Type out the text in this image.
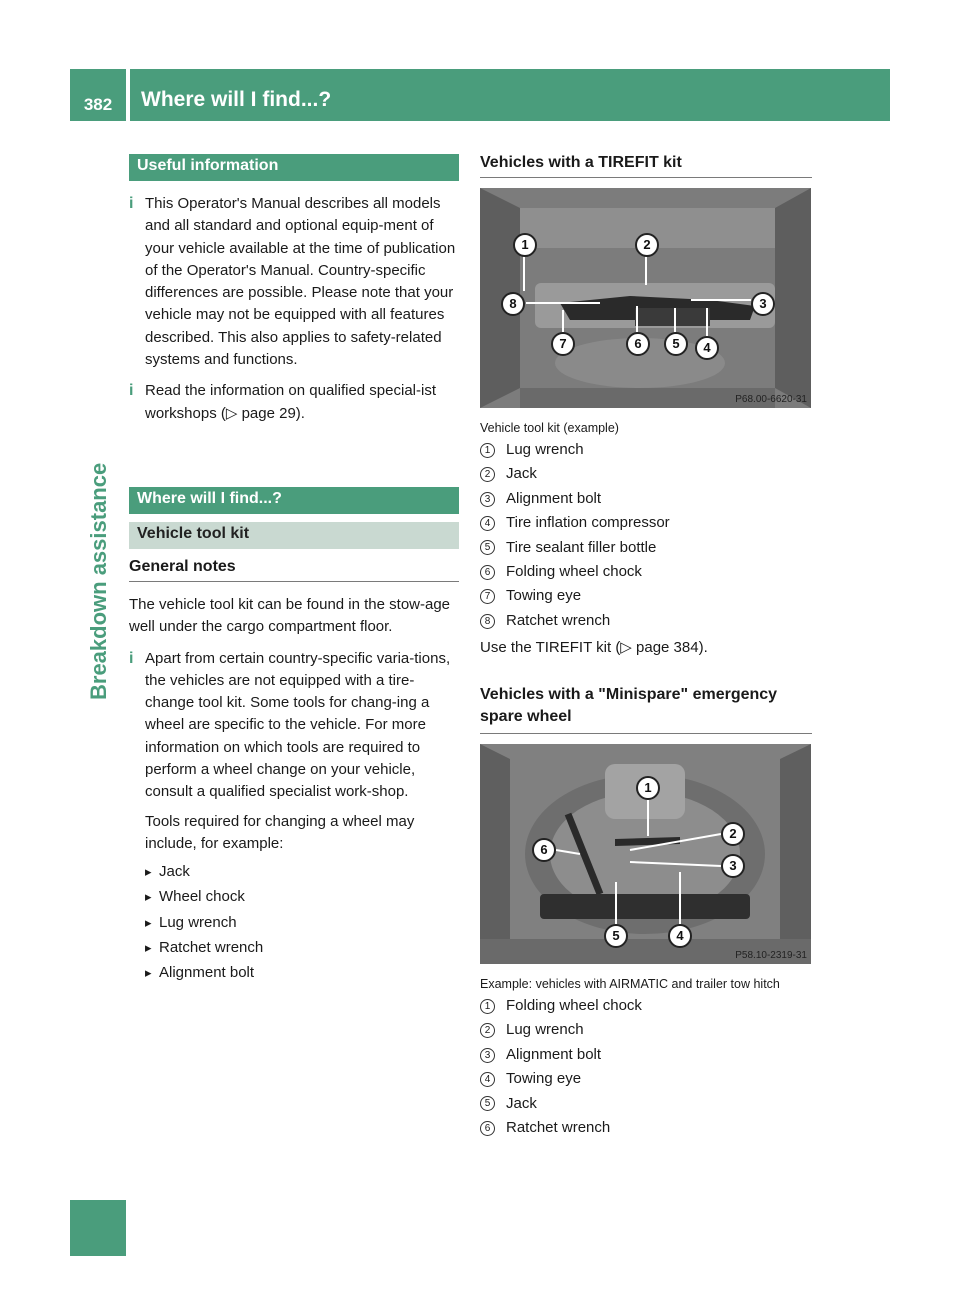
382	Where will I find...?
Breakdown assistance
Useful information
i This Operator's Manual describes all models and all standard and optional equip-ment of your vehicle available at the time of publication of the Operator's Manual. Country-specific differences are possible. Please note that your vehicle may not be equipped with all features described. This also applies to safety-related systems and functions.
i Read the information on qualified special-ist workshops (▷ page 29).
Where will I find...?
Vehicle tool kit
General notes
The vehicle tool kit can be found in the stow-age well under the cargo compartment floor.
i Apart from certain country-specific varia-tions, the vehicles are not equipped with a tire-change tool kit. Some tools for chang-ing a wheel are specific to the vehicle. For more information on which tools are required to perform a wheel change on your vehicle, consult a qualified specialist work-shop.
Tools required for changing a wheel may include, for example:
▸ Jack
▸ Wheel chock
▸ Lug wrench
▸ Ratchet wrench
▸ Alignment bolt
Vehicles with a TIREFIT kit
1	2
3
4
5
6
7
8
P68.00-6620-31
Vehicle tool kit (example)
1	Lug wrench
2	Jack
3	Alignment bolt
4	Tire inflation compressor
5	Tire sealant filler bottle
6	Folding wheel chock
7	Towing eye
8	Ratchet wrench
Use the TIREFIT kit (▷ page 384).
Vehicles with a "Minispare" emergency spare wheel
1
2
3
4
5
6
P58.10-2319-31
Example: vehicles with AIRMATIC and trailer tow hitch
1	Folding wheel chock
2	Lug wrench
3	Alignment bolt
4	Towing eye
5	Jack
6	Ratchet wrench
